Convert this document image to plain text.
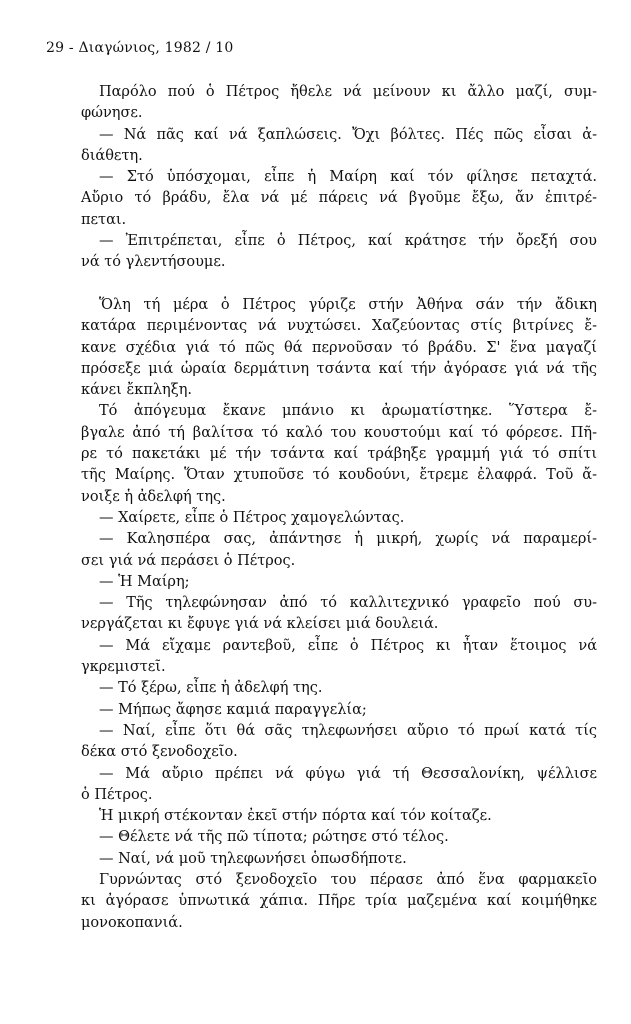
29 - Διαγώνιος, 1982 / 10
Παρόλο πού ὁ Πέτρος ἤθελε νά μείνουν κι ἄλλο μαζί, συμ-
φώνησε.
— Νά πᾶς καί νά ξαπλώσεις. Ὄχι βόλτες. Πές πῶς εἶσαι ἀ-
διάθετη.
— Στό ὑπόσχομαι, εἶπε ἡ Μαίρη καί τόν φίλησε πεταχτά.
Αὔριο τό βράδυ, ἔλα νά μέ πάρεις νά βγοῦμε ἔξω, ἄν ἐπιτρέ-
πεται.
— Ἐπιτρέπεται, εἶπε ὁ Πέτρος, καί κράτησε τήν ὄρεξή σου
νά τό γλεντήσουμε.
Ὅλη τή μέρα ὁ Πέτρος γύριζε στήν Ἀθήνα σάν τήν ἄδικη
κατάρα περιμένοντας νά νυχτώσει. Χαζεύοντας στίς βιτρίνες ἔ-
κανε σχέδια γιά τό πῶς θά περνοῦσαν τό βράδυ. Σ' ἕνα μαγαζί
πρόσεξε μιά ὡραία δερμάτινη τσάντα καί τήν ἀγόρασε γιά νά τῆς
κάνει ἔκπληξη.
Τό ἀπόγευμα ἔκανε μπάνιο κι ἀρωματίστηκε. Ὕστερα ἔ-
βγαλε ἀπό τή βαλίτσα τό καλό του κουστούμι καί τό φόρεσε. Πῆ-
ρε τό πακετάκι μέ τήν τσάντα καί τράβηξε γραμμή γιά τό σπίτι
τῆς Μαίρης. Ὅταν χτυποῦσε τό κουδούνι, ἔτρεμε ἐλαφρά. Τοῦ ἄ-
νοιξε ἡ ἀδελφή της.
— Χαίρετε, εἶπε ὁ Πέτρος χαμογελώντας.
— Καλησπέρα σας, ἀπάντησε ἡ μικρή, χωρίς νά παραμερί-
σει γιά νά περάσει ὁ Πέτρος.
— Ἡ Μαίρη;
— Τῆς τηλεφώνησαν ἀπό τό καλλιτεχνικό γραφεῖο πού συ-
νεργάζεται κι ἔφυγε γιά νά κλείσει μιά δουλειά.
— Μά εἴχαμε ραντεβοῦ, εἶπε ὁ Πέτρος κι ἦταν ἕτοιμος νά
γκρεμιστεῖ.
— Τό ξέρω, εἶπε ἡ ἀδελφή της.
— Μήπως ἄφησε καμιά παραγγελία;
— Ναί, εἶπε ὅτι θά σᾶς τηλεφωνήσει αὔριο τό πρωί κατά τίς
δέκα στό ξενοδοχεῖο.
— Μά αὔριο πρέπει νά φύγω γιά τή Θεσσαλονίκη, ψέλλισε
ὁ Πέτρος.
Ἡ μικρή στέκονταν ἐκεῖ στήν πόρτα καί τόν κοίταζε.
— Θέλετε νά τῆς πῶ τίποτα; ρώτησε στό τέλος.
— Ναί, νά μοῦ τηλεφωνήσει ὁπωσδήποτε.
Γυρνώντας στό ξενοδοχεῖο του πέρασε ἀπό ἕνα φαρμακεῖο
κι ἀγόρασε ὑπνωτικά χάπια. Πῆρε τρία μαζεμένα καί κοιμήθηκε
μονοκοπανιά.
